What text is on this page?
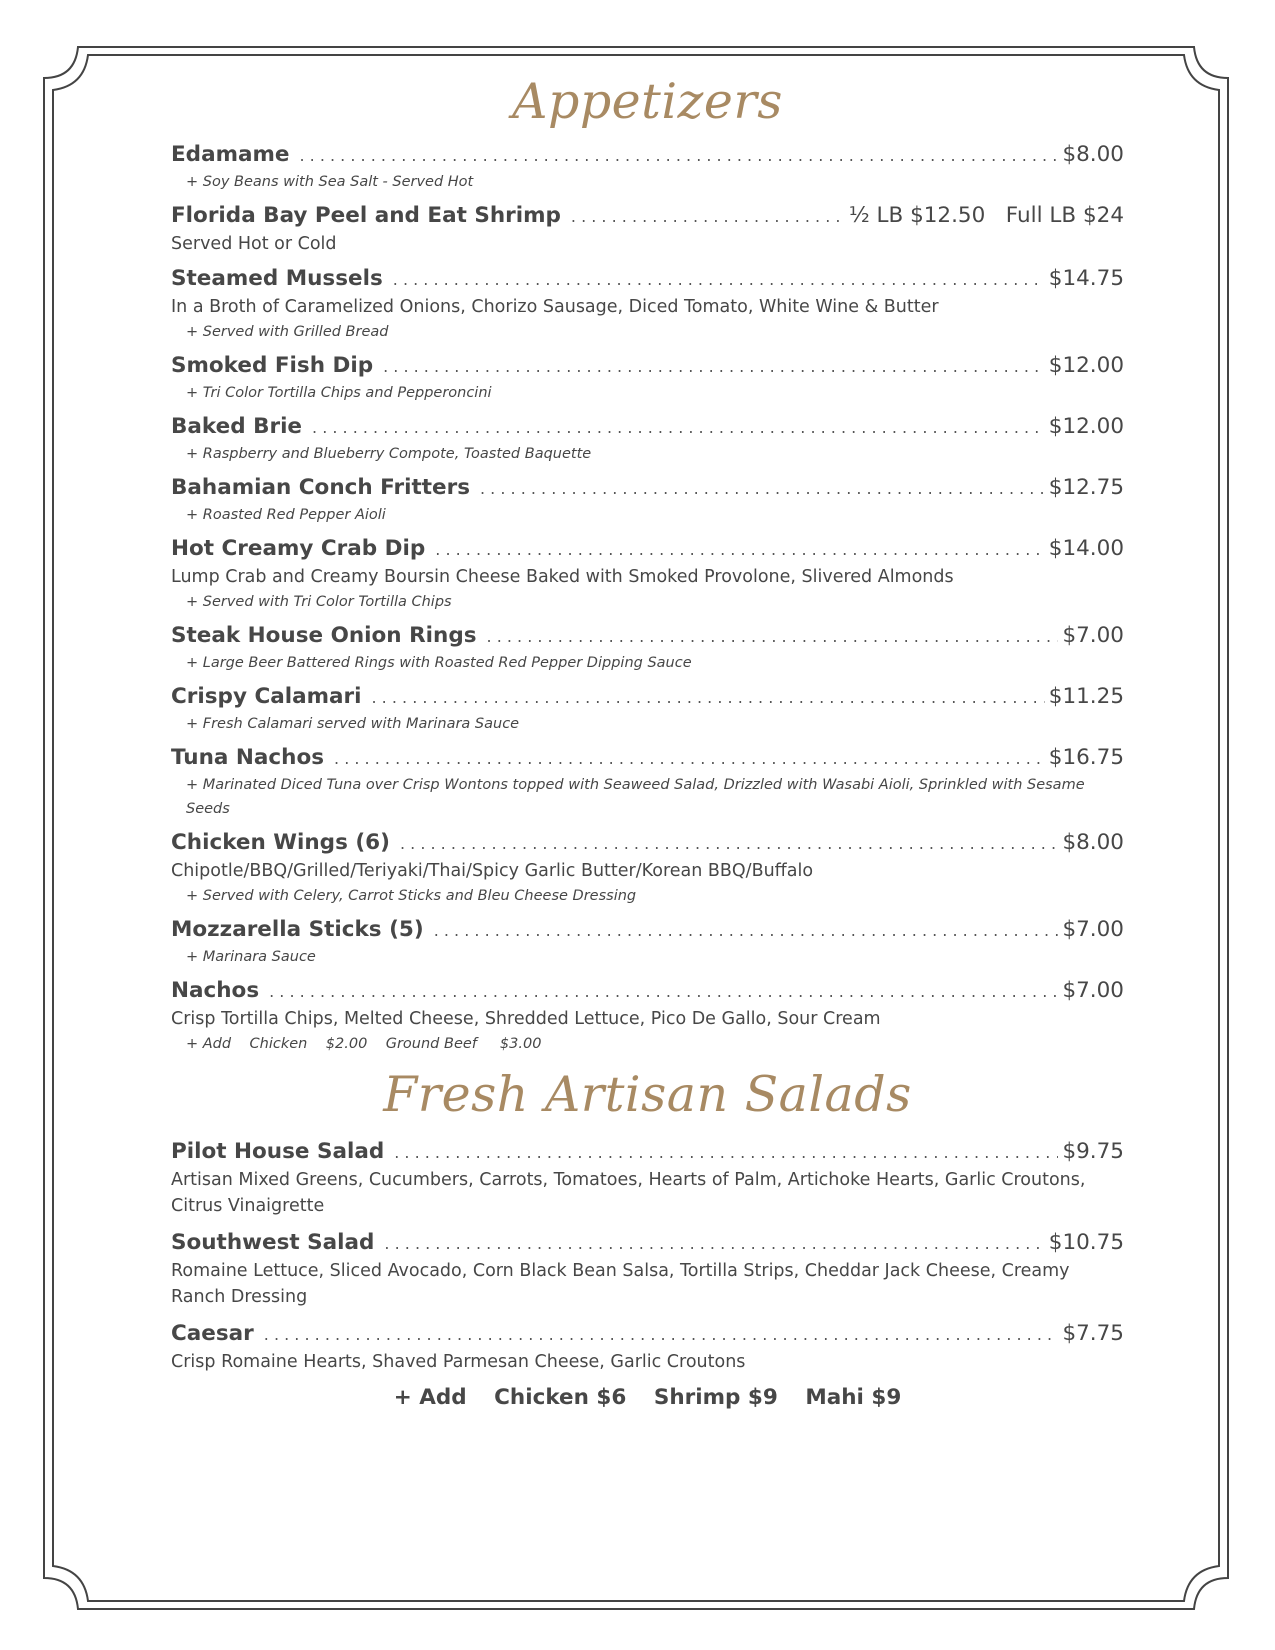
Appetizers
Edamame . . .	$8.00
+ Soy Beans with Sea Salt - Served Hot
Florida Bay Peel and Eat Shrimp . . .	½ LB $12.50   Full LB $24
Served Hot or Cold
Steamed Mussels . . .	$14.75
In a Broth of Caramelized Onions, Chorizo Sausage, Diced Tomato, White Wine & Butter
+ Served with Grilled Bread
Smoked Fish Dip . . .	$12.00
+ Tri Color Tortilla Chips and Pepperoncini
Baked Brie . . .	$12.00
+ Raspberry and Blueberry Compote, Toasted Baquette
Bahamian Conch Fritters . . .	$12.75
+ Roasted Red Pepper Aioli
Hot Creamy Crab Dip . . .	$14.00
Lump Crab and Creamy Boursin Cheese Baked with Smoked Provolone, Slivered Almonds
+ Served with Tri Color Tortilla Chips
Steak House Onion Rings . . .	$7.00
+ Large Beer Battered Rings with Roasted Red Pepper Dipping Sauce
Crispy Calamari . . .	$11.25
+ Fresh Calamari served with Marinara Sauce
Tuna Nachos . . .	$16.75
+ Marinated Diced Tuna over Crisp Wontons topped with Seaweed Salad, Drizzled with Wasabi Aioli, Sprinkled with Sesame Seeds
Chicken Wings (6) . . .	$8.00
Chipotle/BBQ/Grilled/Teriyaki/Thai/Spicy Garlic Butter/Korean BBQ/Buffalo
+ Served with Celery, Carrot Sticks and Bleu Cheese Dressing
Mozzarella Sticks (5) . . .	$7.00
+ Marinara Sauce
Nachos . . .	$7.00
Crisp Tortilla Chips, Melted Cheese, Shredded Lettuce, Pico De Gallo, Sour Cream
+ Add    Chicken    $2.00    Ground Beef     $3.00
Fresh Artisan Salads
Pilot House Salad . . .	$9.75
Artisan Mixed Greens, Cucumbers, Carrots, Tomatoes, Hearts of Palm, Artichoke Hearts, Garlic Croutons, Citrus Vinaigrette
Southwest Salad . . .	$10.75
Romaine Lettuce, Sliced Avocado, Corn Black Bean Salsa, Tortilla Strips, Cheddar Jack Cheese, Creamy Ranch Dressing
Caesar . . .	$7.75
Crisp Romaine Hearts, Shaved Parmesan Cheese, Garlic Croutons
+ Add Chicken $6 Shrimp $9 Mahi $9
